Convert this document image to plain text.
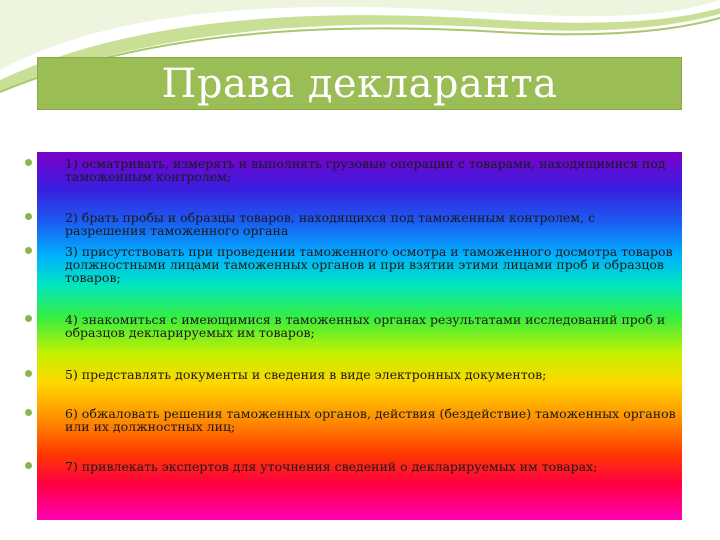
Права декларанта
1) осматривать, измерять и выполнять грузовые операции с товарами, находящимися под таможенным контролем;
2) брать пробы и образцы товаров, находящихся под таможенным контролем, с разрешения таможенного органа
3) присутствовать при проведении таможенного осмотра и таможенного досмотра товаров должностными лицами таможенных органов и при взятии этими лицами проб и образцов товаров;
4) знакомиться с имеющимися в таможенных органах результатами исследований проб и образцов декларируемых им товаров;
5) представлять документы и сведения в виде электронных документов;
6) обжаловать решения таможенных органов, действия (бездействие) таможенных органов или их должностных лиц;
7) привлекать экспертов для уточнения сведений о декларируемых им товарах;
